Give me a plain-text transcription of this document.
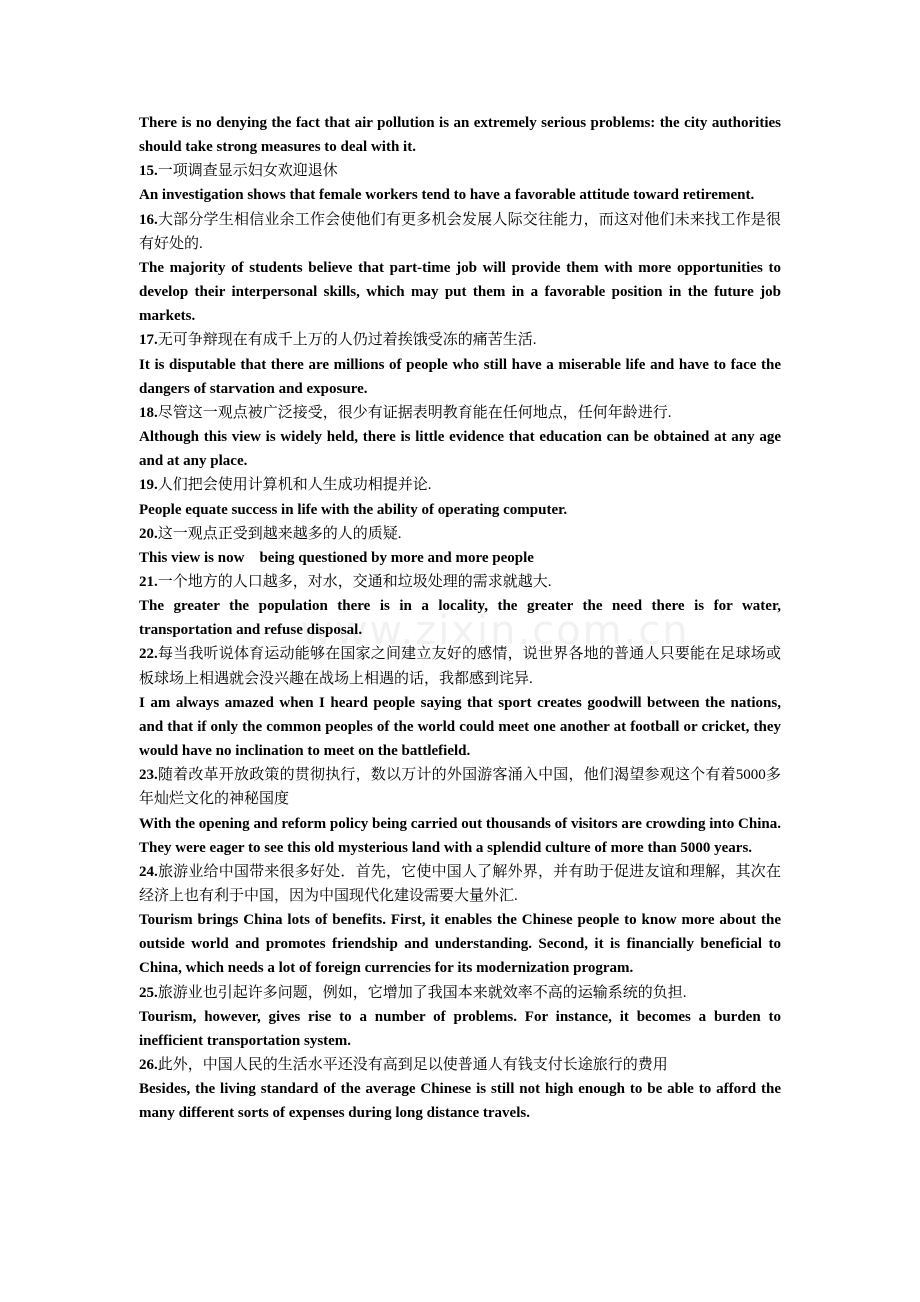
www.zixin.com.cn

There is no denying the fact that air pollution is an extremely serious problems: the city authorities should take strong measures to deal with it.

15.一项调查显示妇女欢迎退休

An investigation shows that female workers tend to have a favorable attitude toward retirement.

16.大部分学生相信业余工作会使他们有更多机会发展人际交往能力，而这对他们未来找工作是很有好处的.

The majority of students believe that part-time job will provide them with more opportunities to develop their interpersonal skills, which may put them in a favorable position in the future job markets.

17.无可争辩现在有成千上万的人仍过着挨饿受冻的痛苦生活.

It is disputable that there are millions of people who still have a miserable life and have to face the dangers of starvation and exposure.

18.尽管这一观点被广泛接受，很少有证据表明教育能在任何地点，任何年龄进行.

Although this view is widely held, there is little evidence that education can be obtained at any age and at any place.

19.人们把会使用计算机和人生成功相提并论.

People equate success in life with the ability of operating computer.

20.这一观点正受到越来越多的人的质疑.

This view is now    being questioned by more and more people

21.一个地方的人口越多，对水，交通和垃圾处理的需求就越大.

The greater the population there is in a locality, the greater the need there is for water, transportation and refuse disposal.

22.每当我听说体育运动能够在国家之间建立友好的感情，说世界各地的普通人只要能在足球场或板球场上相遇就会没兴趣在战场上相遇的话，我都感到诧异.

I am always amazed when I heard people saying that sport creates goodwill between the nations, and that if only the common peoples of the world could meet one another at football or cricket, they would have no inclination to meet on the battlefield.

23.随着改革开放政策的贯彻执行，数以万计的外国游客涌入中国，他们渴望参观这个有着5000多年灿烂文化的神秘国度

With the opening and reform policy being carried out thousands of visitors are crowding into China. They were eager to see this old mysterious land with a splendid culture of more than 5000 years.

24.旅游业给中国带来很多好处．首先，它使中国人了解外界，并有助于促进友谊和理解，其次在经济上也有利于中国，因为中国现代化建设需要大量外汇.

Tourism brings China lots of benefits. First, it enables the Chinese people to know more about the outside world and promotes friendship and understanding. Second, it is financially beneficial to China, which needs a lot of foreign currencies for its modernization program.

25.旅游业也引起许多问题，例如，它增加了我国本来就效率不高的运输系统的负担.

Tourism, however, gives rise to a number of problems. For instance, it becomes a burden to inefficient transportation system.

26.此外，中国人民的生活水平还没有高到足以使普通人有钱支付长途旅行的费用

Besides, the living standard of the average Chinese is still not high enough to be able to afford the many different sorts of expenses during long distance travels.
